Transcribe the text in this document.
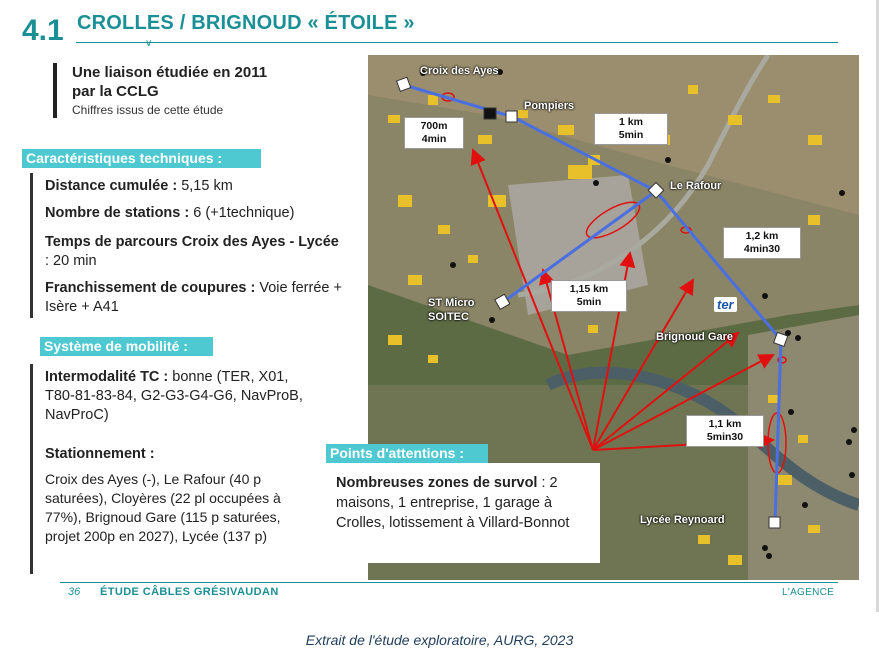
4.1 CROLLES / BRIGNOUD « ÉTOILE »
∨
Une liaison étudiée en 2011
par la CCLG
Chiffres issus de cette étude
Caractéristiques techniques :
Distance cumulée : 5,15 km
Nombre de stations : 6 (+1technique)
Temps de parcours Croix des Ayes - Lycée : 20 min
Franchissement de coupures : Voie ferrée + Isère + A41
Système de mobilité :
Intermodalité TC : bonne (TER, X01, T80-81-83-84, G2-G3-G4-G6, NavProB, NavProC)
Stationnement :
Croix des Ayes (-), Le Rafour (40 p saturées), Cloyères (22 pl occupées à 77%), Brignoud Gare (115 p saturées, projet 200p en 2027), Lycée (137 p)
Croix des Ayes
Pompiers
Le Rafour
ST Micro
SOITEC
Brignoud Gare
Lycée Reynoard
700m
4min
1 km
5min
1,2 km
4min30
1,15 km
5min
1,1 km
5min30
ter
Points d'attentions :
Nombreuses zones de survol : 2 maisons, 1 entreprise, 1 garage à Crolles, lotissement à Villard-Bonnot
36 ÉTUDE CÂBLES GRÉSIVAUDAN	L'AGENCE
Extrait de l'étude exploratoire, AURG, 2023
